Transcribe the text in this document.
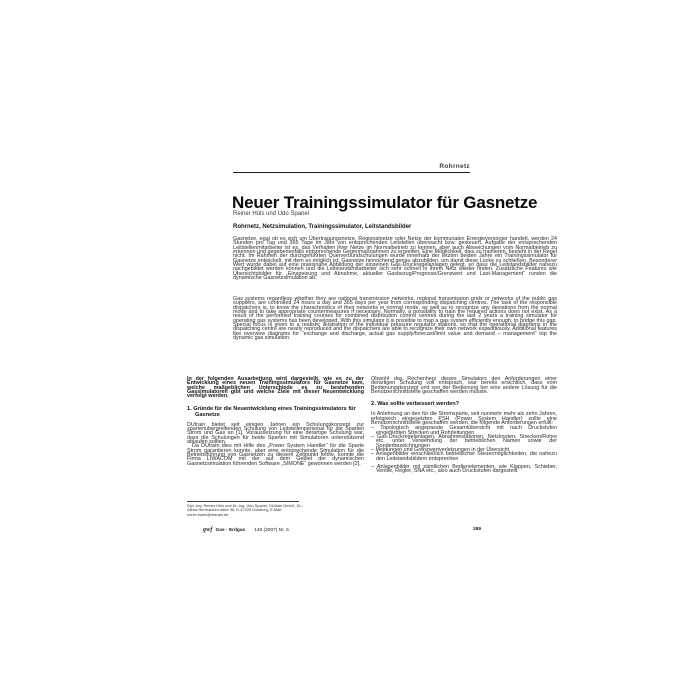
Rohrnetz
Neuer Trainingssimulator für Gasnetze
Reiner Hüls und Udo Spanel
Rohrnetz, Netzsimulation, Trainingssimulator, Leitstandsbilder
Gasnetze, egal ob es sich um Übertragungsnetze, Regionalnetze oder Netze der kommunalen Energieversorger handelt, werden 24 Stunden pro Tag und 365 Tage im Jahr von entsprechenden Leitstellen überwacht bzw. gesteuert. Aufgabe der entsprechenden Leitstellenmitarbeiter ist es, das Verhalten ihrer Netze im Normalbetrieb zu kennen, aber auch Abweichungen vom Normalbetrieb zu erkennen und gegebenenfalls entsprechende Gegenmaßnahmen zu ergreifen. Eine Möglichkeit, dies zu trainieren, besteht in der Regel nicht. Im Rahmen der durchgeführten Querverbundschulungen wurde innerhalb der letzten beiden Jahre ein Trainingssimulator für Gasnetze entwickelt, mit dem es möglich ist, Gasnetze hinreichend genau abzubilden, um damit diese Lücke zu schließen. Besonderer Wert wurde dabei auf eine praxisnahe Abbildung der einzelnen Gas-Druckregelanlagen gelegt, so dass die Leitstandsbilder nahezu nachgebildet werden können und die Leitstandsmitarbeiter sich sehr schnell in ihrem Netz wieder finden. Zusätzliche Features wie Übersichtsbilder für „Einspeisung und Abnahme, aktueller Gasbezug/Prognose/Grenzwert und Last-Management“ runden die dynamische Gasnetzsimulation ab.
Gas systems regardless whether they are national transmission networks, regional transmission grids or networks of the public gas suppliers, are controlled 24 hours a day and 365 days per year from corresponding dispatching centres. The task of the responsible dispatchers is, to know the characteristics of their networks in normal mode, as well as to recognize any deviations from the normal mode and to take appropriate countermeasures if necessary. Normally, a possibility to train the required actions does not exist. As a result of the performed training courses for combined distribution control centres during the last 2 years a training simulator for operating gas systems has been developed. With this simulator it is possible to map a gas system efficiently enough, to bridge this gap. Special focus is given to a realistic illustration of the individual pressure regulator stations, so that the operational diagrams in the dispatching centre are nearly reproduced and the dispatchers are able to recognize their own network expeditiously. Additional features like overview diagrams for “exchange and discharge, actual gas supply/forecast/limit value and demand – management” top the dynamic gas simulation.

In der folgenden Ausarbeitung wird dargestellt, wie es zu der Entwicklung eines neuen Trainingssimulators für Gasnetze kam, welche maßgeblichen Unterschiede es zu bestehenden Gassimulatoren gibt und welche Ziele mit dieser Neuentwicklung verfolgt werden.

1. Gründe für die Neuentwicklung eines Trainingssimulators für Gasnetze

DUtrain bietet seit einigen Jahren ein Schulungskonzept zur spartenübergreifenden Schulung von Leitstellenpersonal für die Sparten Strom und Gas an [1]. Voraussetzung für eine derartige Schulung war, dass die Schulungen für beide Sparten mit Simulatoren unterstützend ablaufen sollten.

Da DUtrain dies mit Hilfe des „Power System Handler“ für die Sparte Strom garantieren konnte, aber eine entsprechende Simulation für die Betriebsführung von Gasnetzen zu diesem Zeitpunkt fehlte, konnte die Firma LIWACOM mit der auf dem Gebiet der dynamischen Gasnetzsimulation führenden Software „SIMONE“ gewonnen werden [2].

Obwohl das Rechenherz dieses Simulators den Anforderungen einer derartigen Schulung voll entsprach, war bereits ersichtlich, dass vom Bedienungskonzept und von der Bedienung her eine andere Lösung für die Benutzerschnittstelle geschaffen werden musste.

2. Was sollte verbessert werden?

In Anlehnung an den für die Stromsparte, seit nunmehr mehr als zehn Jahren, erfolgreich eingesetzten PSH (Power System Handler) sollte eine Benutzerschnittstelle geschaffen werden, die folgende Anforderungen erfüllt:

– Topologisch angepasste Gesamtübersicht mit nach Druckstufen eingefärbten Strecken und Rohrleitungen
– Gas-Druckregelanlagen, Abnahmestationen, Netzknoten, Strecken/Rohre etc. unter Verwendung der betrieblichen Namen sowie der Sonderbezeichnungen
– Meldungen und Grenzwertverletzungen in der Übersicht
– Anlagenbilder einschließlich betrieblicher Steuermöglichkeiten, die nahezu den Leitstandsbildern entsprechen
– Anlagenbilder mit sämtlichen Bedienelementen, wie Klappen, Schieber, Ventile, Regler, SNA etc., also auch Druckstufen dargestellt
Dipl.-Ing. Reiner Hüls und Dr.-Ing. Udo Spanel, DUtrain GmbH, Dr.-Alfred-Herrhausen-Allee 36, D-47228 Duisburg, E-Mail: reiner.huels@dutrain.de
gwf Gas · Erdgas 148 (2007) Nr. 5	289
